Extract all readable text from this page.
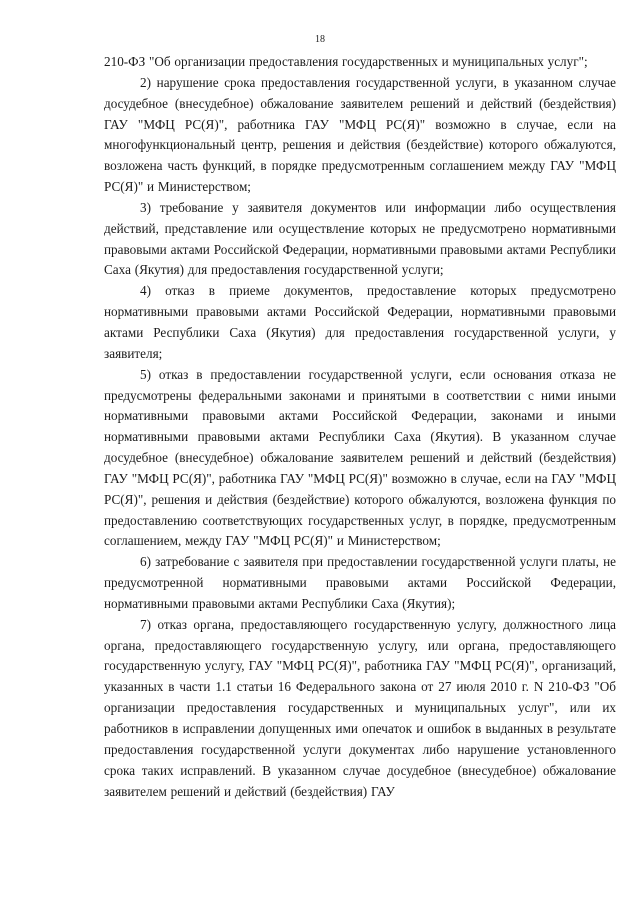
18

210-ФЗ "Об организации предоставления государственных и муниципальных услуг";

2) нарушение срока предоставления государственной услуги, в указанном случае досудебное (внесудебное) обжалование заявителем решений и действий (бездействия) ГАУ "МФЦ РС(Я)", работника ГАУ "МФЦ РС(Я)" возможно в случае, если на многофункциональный центр, решения и действия (бездействие) которого обжалуются, возложена часть функций, в порядке предусмотренным соглашением между ГАУ "МФЦ РС(Я)" и Министерством;

3) требование у заявителя документов или информации либо осуществления действий, представление или осуществление которых не предусмотрено нормативными правовыми актами Российской Федерации, нормативными правовыми актами Республики Саха (Якутия) для предоставления государственной услуги;

4) отказ в приеме документов, предоставление которых предусмотрено нормативными правовыми актами Российской Федерации, нормативными правовыми актами Республики Саха (Якутия) для предоставления государственной услуги, у заявителя;

5) отказ в предоставлении государственной услуги, если основания отказа не предусмотрены федеральными законами и принятыми в соответствии с ними иными нормативными правовыми актами Российской Федерации, законами и иными нормативными правовыми актами Республики Саха (Якутия). В указанном случае досудебное (внесудебное) обжалование заявителем решений и действий (бездействия) ГАУ "МФЦ РС(Я)", работника ГАУ "МФЦ РС(Я)" возможно в случае, если на ГАУ "МФЦ РС(Я)", решения и действия (бездействие) которого обжалуются, возложена функция по предоставлению соответствующих государственных услуг, в порядке, предусмотренным соглашением, между ГАУ "МФЦ РС(Я)" и Министерством;

6) затребование с заявителя при предоставлении государственной услуги платы, не предусмотренной нормативными правовыми актами Российской Федерации, нормативными правовыми актами Республики Саха (Якутия);

7) отказ органа, предоставляющего государственную услугу, должностного лица органа, предоставляющего государственную услугу, или органа, предоставляющего государственную услугу, ГАУ "МФЦ РС(Я)", работника ГАУ "МФЦ РС(Я)", организаций, указанных в части 1.1 статьи 16 Федерального закона от 27 июля 2010 г. N 210-ФЗ "Об организации предоставления государственных и муниципальных услуг", или их работников в исправлении допущенных ими опечаток и ошибок в выданных в результате предоставления государственной услуги документах либо нарушение установленного срока таких исправлений. В указанном случае досудебное (внесудебное) обжалование заявителем решений и действий (бездействия) ГАУ
